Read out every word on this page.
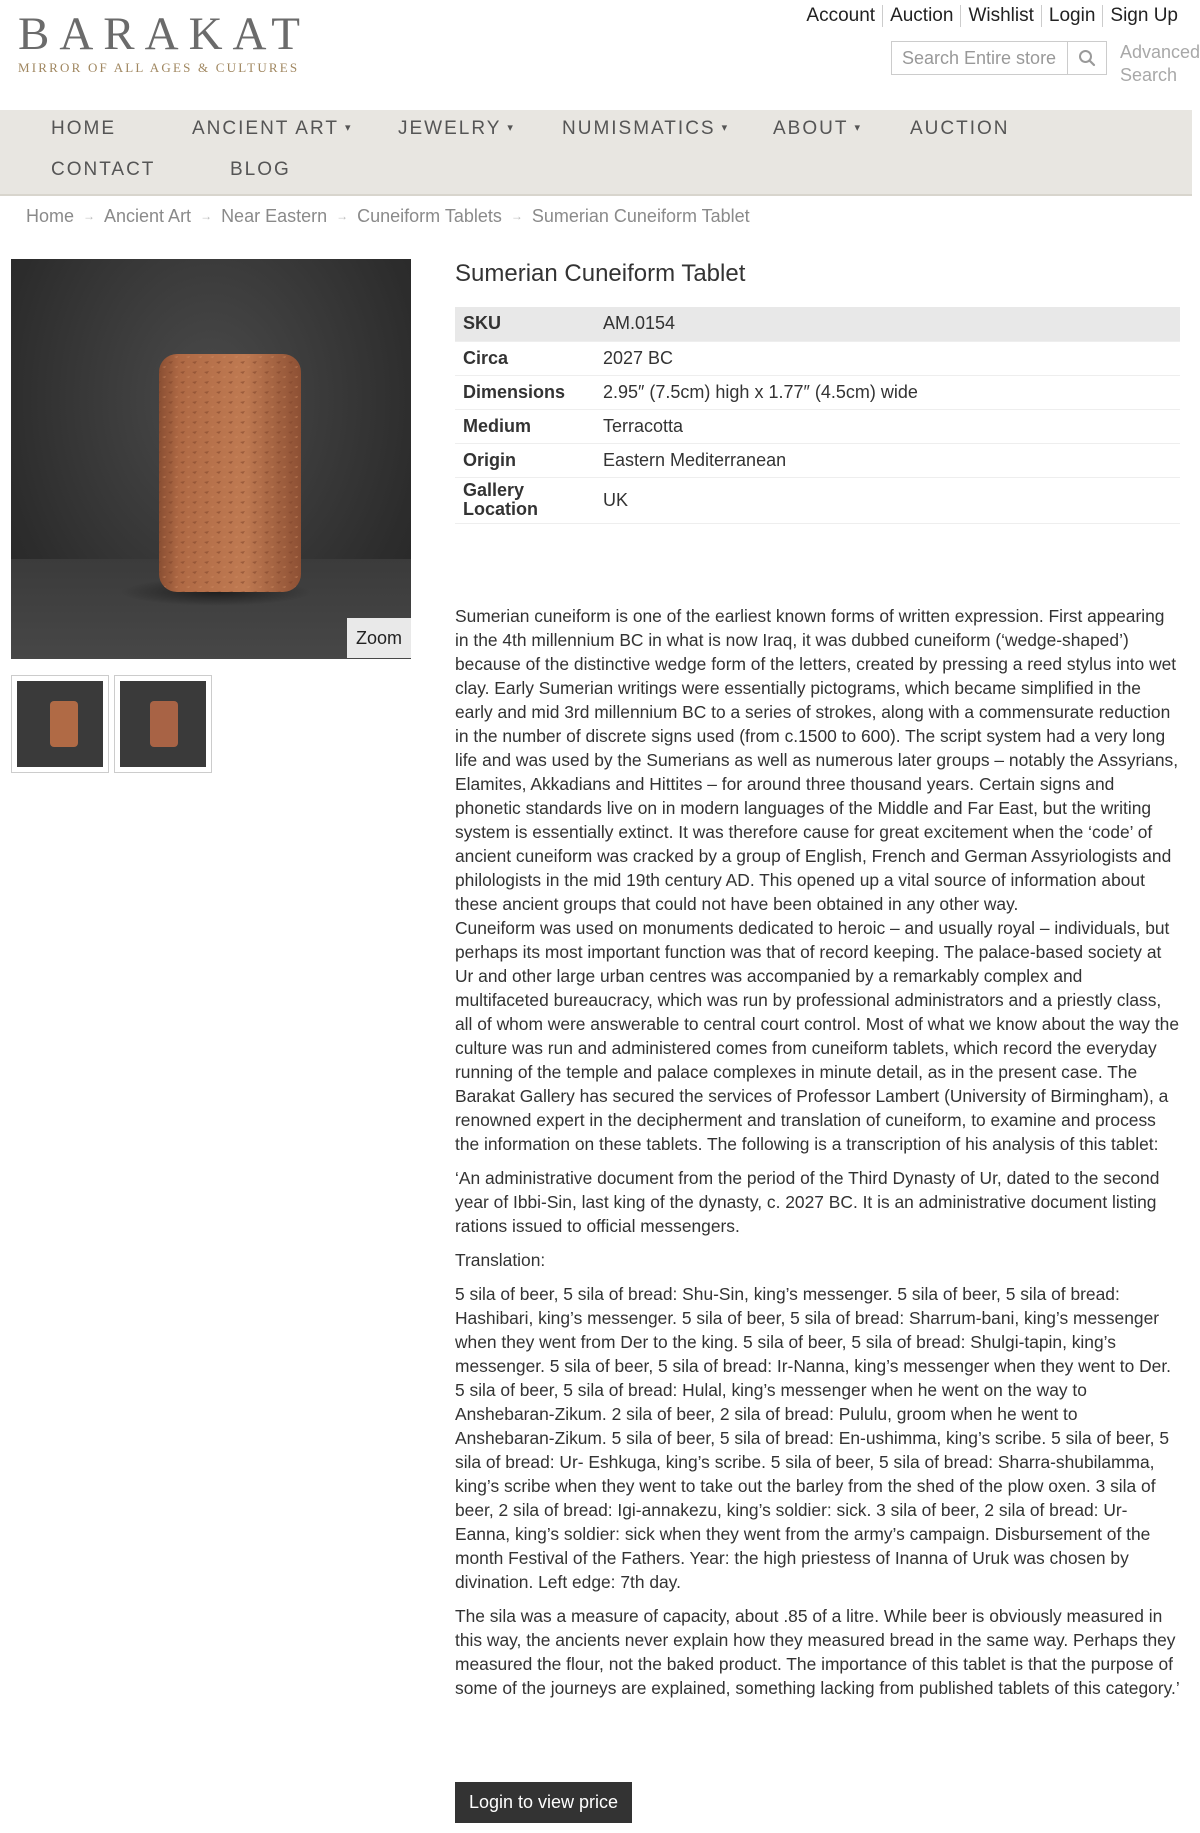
BARAKAT
MIRROR OF ALL AGES & CULTURES
Account Auction Wishlist Login Sign Up
Search Entire store	Advanced
Search
HOME	ANCIENT ART ▾	JEWELRY ▾	NUMISMATICS ▾ ABOUT ▾	AUCTION
CONTACT	BLOG
Home → Ancient Art → Near Eastern → Cuneiform Tablets → Sumerian Cuneiform Tablet
Zoom
Sumerian Cuneiform Tablet
SKU	AM.0154
Circa	2027 BC
Dimensions	2.95″ (7.5cm) high x 1.77″ (4.5cm) wide
Medium	Terracotta
Origin	Eastern Mediterranean

Gallery
Location	UK

Sumerian cuneiform is one of the earliest known forms of written expression. First appearing in the 4th millennium BC in what is now Iraq, it was dubbed cuneiform (‘wedge-shaped’) because of the distinctive wedge form of the letters, created by pressing a reed stylus into wet clay. Early Sumerian writings were essentially pictograms, which became simplified in the early and mid 3rd millennium BC to a series of strokes, along with a commensurate reduction in the number of discrete signs used (from c.1500 to 600). The script system had a very long life and was used by the Sumerians as well as numerous later groups – notably the Assyrians, Elamites, Akkadians and Hittites – for around three thousand years. Certain signs and phonetic standards live on in modern languages of the Middle and Far East, but the writing system is essentially extinct. It was therefore cause for great excitement when the ‘code’ of ancient cuneiform was cracked by a group of English, French and German Assyriologists and philologists in the mid 19th century AD. This opened up a vital source of information about these ancient groups that could not have been obtained in any other way.

Cuneiform was used on monuments dedicated to heroic – and usually royal – individuals, but perhaps its most important function was that of record keeping. The palace-based society at Ur and other large urban centres was accompanied by a remarkably complex and multifaceted bureaucracy, which was run by professional administrators and a priestly class, all of whom were answerable to central court control. Most of what we know about the way the culture was run and administered comes from cuneiform tablets, which record the everyday running of the temple and palace complexes in minute detail, as in the present case. The Barakat Gallery has secured the services of Professor Lambert (University of Birmingham), a renowned expert in the decipherment and translation of cuneiform, to examine and process the information on these tablets. The following is a transcription of his analysis of this tablet:

‘An administrative document from the period of the Third Dynasty of Ur, dated to the second year of Ibbi-Sin, last king of the dynasty, c. 2027 BC. It is an administrative document listing rations issued to official messengers.

Translation:

5 sila of beer, 5 sila of bread: Shu-Sin, king’s messenger. 5 sila of beer, 5 sila of bread: Hashibari, king’s messenger. 5 sila of beer, 5 sila of bread: Sharrum-bani, king’s messenger when they went from Der to the king. 5 sila of beer, 5 sila of bread: Shulgi-tapin, king’s messenger. 5 sila of beer, 5 sila of bread: Ir-Nanna, king’s messenger when they went to Der. 5 sila of beer, 5 sila of bread: Hulal, king’s messenger when he went on the way to Anshebaran-Zikum. 2 sila of beer, 2 sila of bread: Pululu, groom when he went to Anshebaran-Zikum. 5 sila of beer, 5 sila of bread: En-ushimma, king’s scribe. 5 sila of beer, 5 sila of bread: Ur- Eshkuga, king’s scribe. 5 sila of beer, 5 sila of bread: Sharra-shubilamma, king’s scribe when they went to take out the barley from the shed of the plow oxen. 3 sila of beer, 2 sila of bread: Igi-annakezu, king’s soldier: sick. 3 sila of beer, 2 sila of bread: Ur-Eanna, king’s soldier: sick when they went from the army’s campaign. Disbursement of the month Festival of the Fathers. Year: the high priestess of Inanna of Uruk was chosen by divination. Left edge: 7th day.

The sila was a measure of capacity, about .85 of a litre. While beer is obviously measured in this way, the ancients never explain how they measured bread in the same way. Perhaps they measured the flour, not the baked product. The importance of this tablet is that the purpose of some of the journeys are explained, something lacking from published tablets of this category.’

Login to view price
